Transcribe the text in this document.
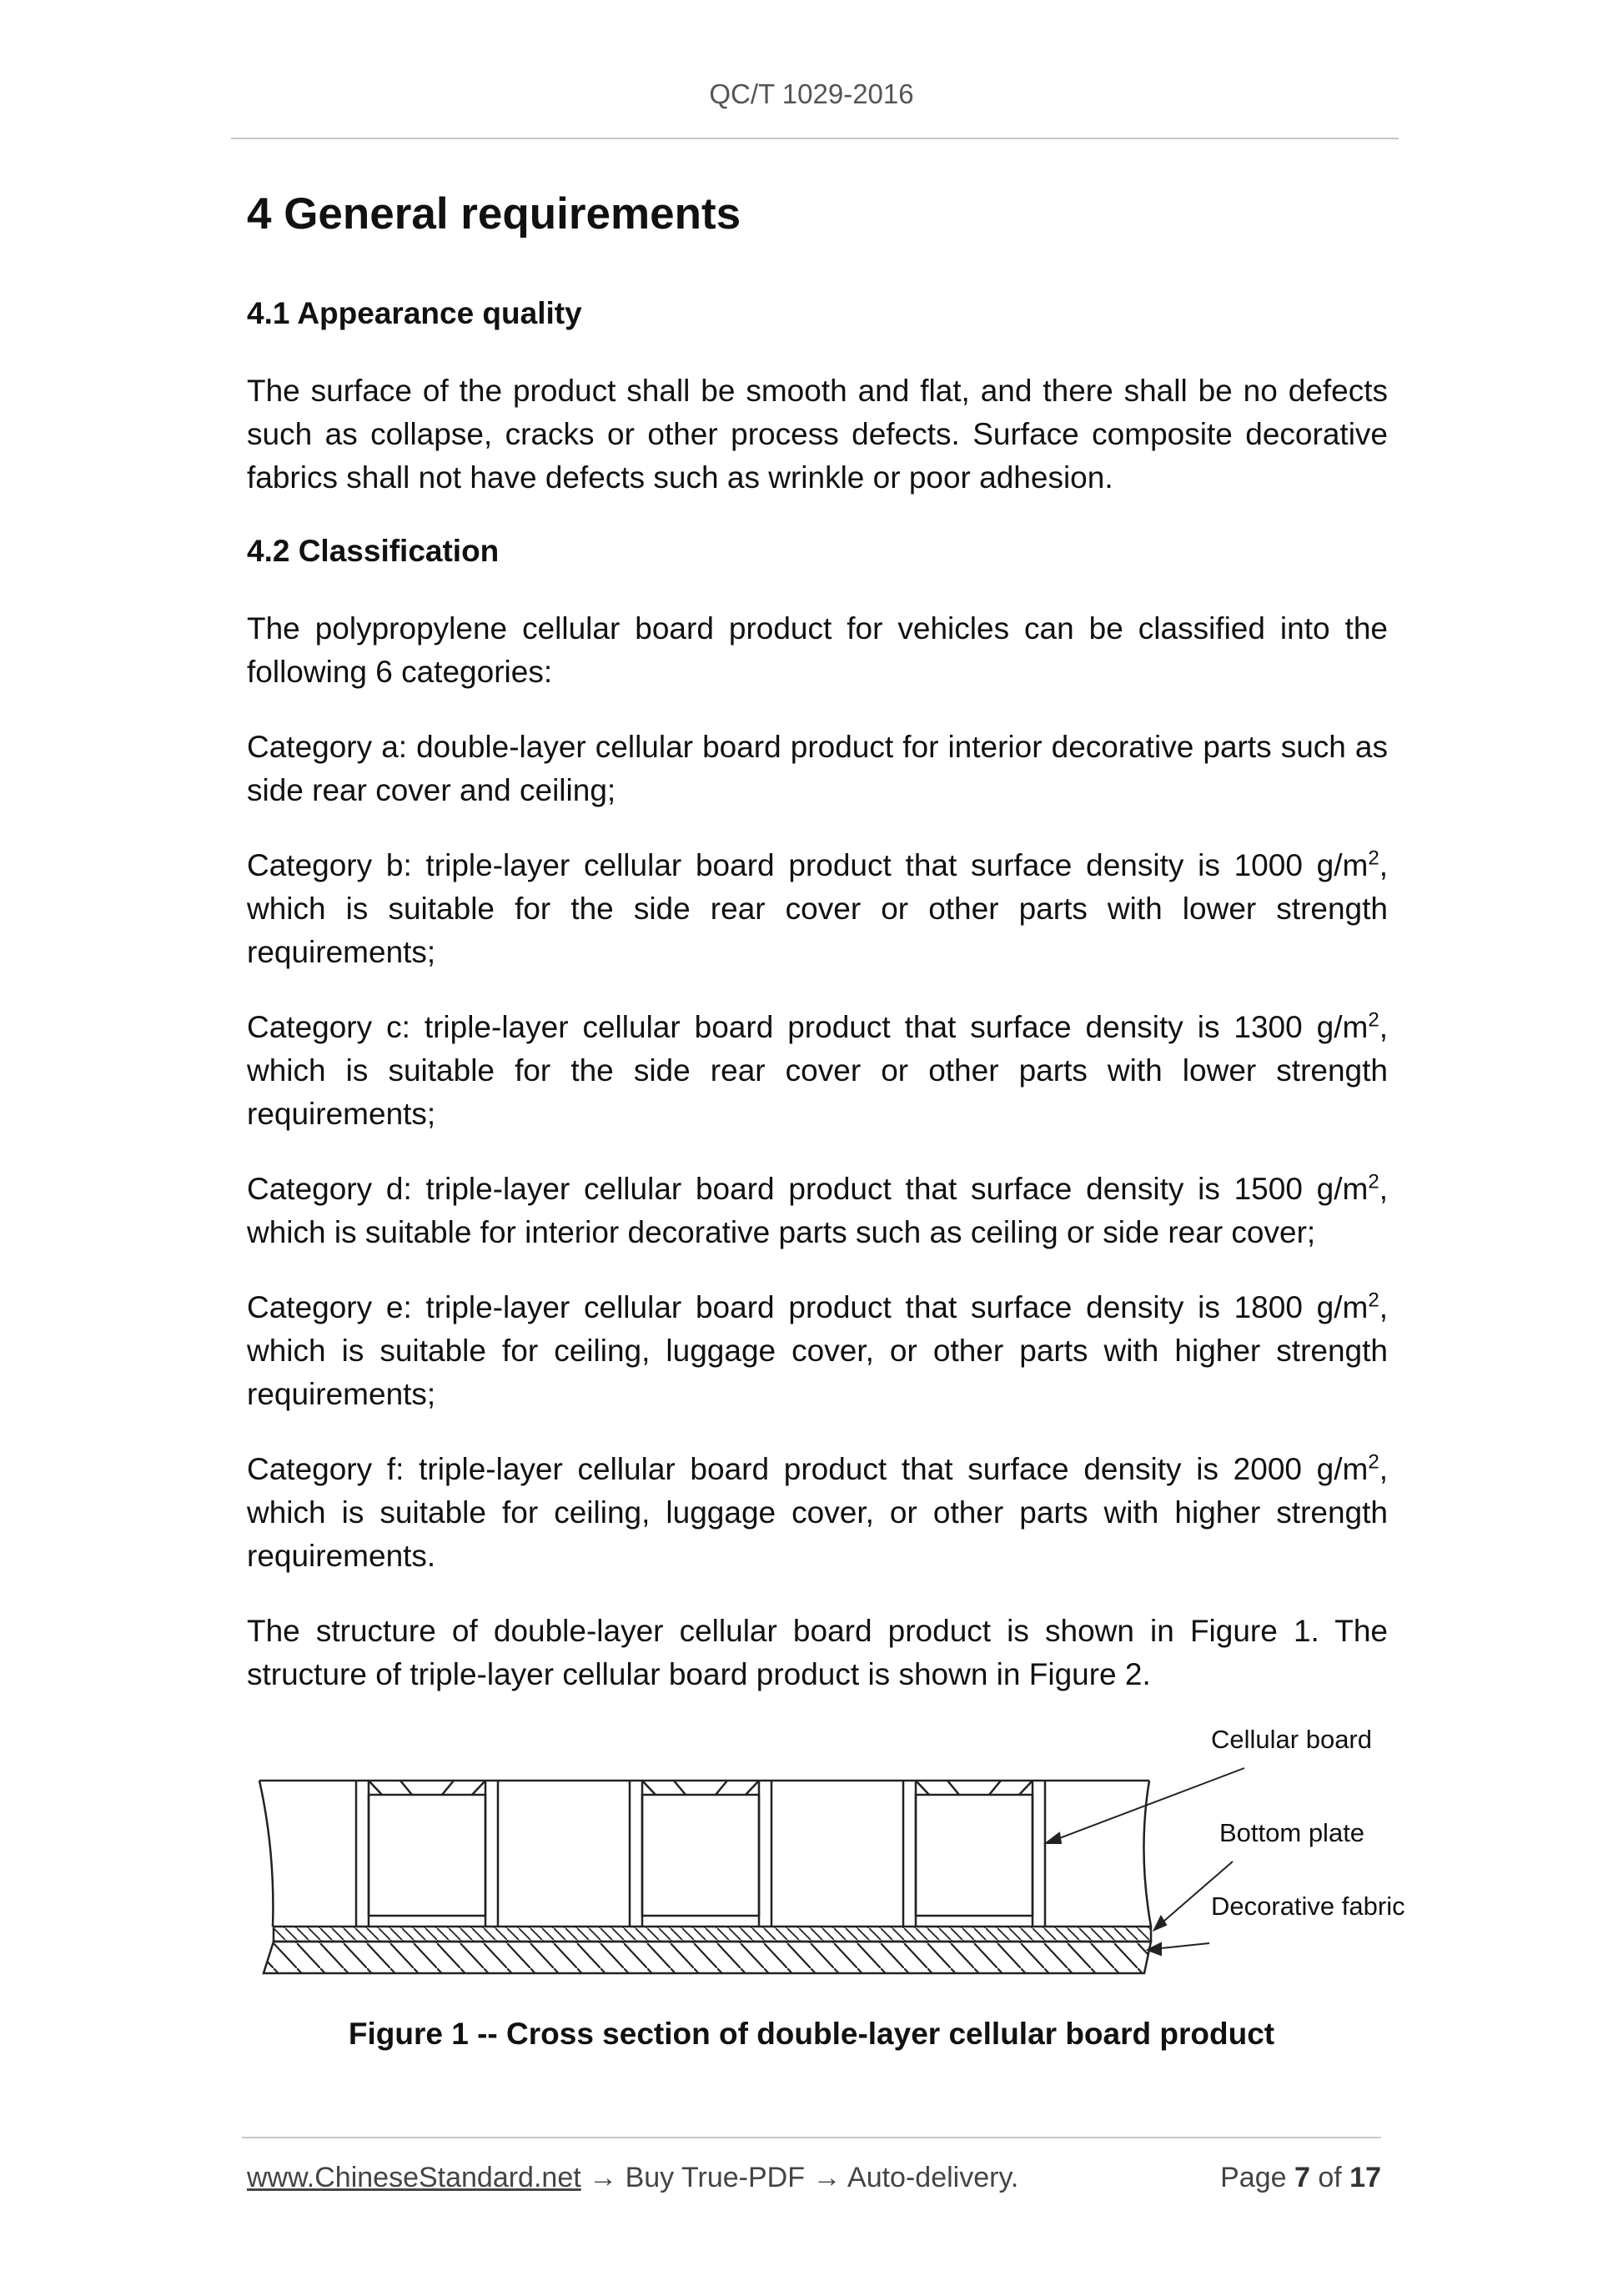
QC/T 1029-2016
4 General requirements
4.1 Appearance quality

The surface of the product shall be smooth and flat, and there shall be no defects such as collapse, cracks or other process defects. Surface composite decorative fabrics shall not have defects such as wrinkle or poor adhesion.

4.2 Classification

The polypropylene cellular board product for vehicles can be classified into the following 6 categories:

Category a: double-layer cellular board product for interior decorative parts such as side rear cover and ceiling;

Category b: triple-layer cellular board product that surface density is 1000 $g/m^2$, which is suitable for the side rear cover or other parts with lower strength requirements;

Category c: triple-layer cellular board product that surface density is 1300 $g/m^2$, which is suitable for the side rear cover or other parts with lower strength requirements;

Category d: triple-layer cellular board product that surface density is 1500 $g/m^2$, which is suitable for interior decorative parts such as ceiling or side rear cover;

Category e: triple-layer cellular board product that surface density is 1800 $g/m^2$, which is suitable for ceiling, luggage cover, or other parts with higher strength requirements;

Category f: triple-layer cellular board product that surface density is 2000 $g/m^2$, which is suitable for ceiling, luggage cover, or other parts with higher strength requirements.

The structure of double-layer cellular board product is shown in Figure 1. The structure of triple-layer cellular board product is shown in Figure 2.

Cellular board
Bottom plate
Decorative fabric
Figure 1 -- Cross section of double-layer cellular board product
www.ChineseStandard.net → Buy True-PDF → Auto-delivery.	Page 7 of 17
